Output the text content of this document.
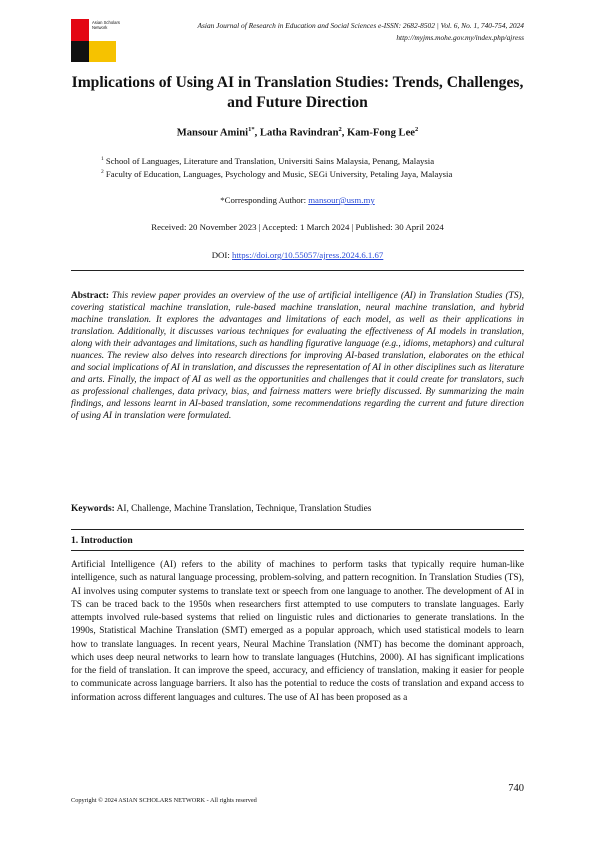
Asian Scholars Network	Asian Journal of Research in Education and Social Sciences e-ISSN: 2682-8502 | Vol. 6, No. 1, 740-754, 2024
http://myjms.mohe.gov.my/index.php/ajress
Implications of Using AI in Translation Studies: Trends, Challenges, and Future Direction
Mansour Amini$^{1*}$, Latha Ravindran$^2$, Kam-Fong Lee$^2$
$^1$ School of Languages, Literature and Translation, Universiti Sains Malaysia, Penang, Malaysia
$^2$ Faculty of Education, Languages, Psychology and Music, SEGi University, Petaling Jaya, Malaysia
*Corresponding Author: mansour@usm.my
Received: 20 November 2023 | Accepted: 1 March 2024 | Published: 30 April 2024
DOI: https://doi.org/10.55057/ajress.2024.6.1.67
Abstract: This review paper provides an overview of the use of artificial intelligence (AI) in Translation Studies (TS), covering statistical machine translation, rule-based machine translation, neural machine translation, and hybrid machine translation. It explores the advantages and limitations of each model, as well as their applications in translation. Additionally, it discusses various techniques for evaluating the effectiveness of AI models in translation, along with their advantages and limitations, such as handling figurative language (e.g., idioms, metaphors) and cultural nuances. The review also delves into research directions for improving AI-based translation, elaborates on the ethical and social implications of AI in translation, and discusses the representation of AI in other disciplines such as literature and arts. Finally, the impact of AI as well as the opportunities and challenges that it could create for translators, such as professional challenges, data privacy, bias, and fairness matters were briefly discussed. By summarizing the main findings, and lessons learnt in AI-based translation, some recommendations regarding the current and future direction of using AI in translation were formulated.
Keywords: AI, Challenge, Machine Translation, Technique, Translation Studies
1. Introduction
Artificial Intelligence (AI) refers to the ability of machines to perform tasks that typically require human-like intelligence, such as natural language processing, problem-solving, and pattern recognition. In Translation Studies (TS), AI involves using computer systems to translate text or speech from one language to another. The development of AI in TS can be traced back to the 1950s when researchers first attempted to use computers to translate languages. Early attempts involved rule-based systems that relied on linguistic rules and dictionaries to generate translations. In the 1990s, Statistical Machine Translation (SMT) emerged as a popular approach, which used statistical models to learn how to translate languages. In recent years, Neural Machine Translation (NMT) has become the dominant approach, which uses deep neural networks to learn how to translate languages (Hutchins, 2000). AI has significant implications for the field of translation. It can improve the speed, accuracy, and efficiency of translation, making it easier for people to communicate across language barriers. It also has the potential to reduce the costs of translation and expand access to information across different languages and cultures. The use of AI has been proposed as a
740
Copyright © 2024 ASIAN SCHOLARS NETWORK - All rights reserved
